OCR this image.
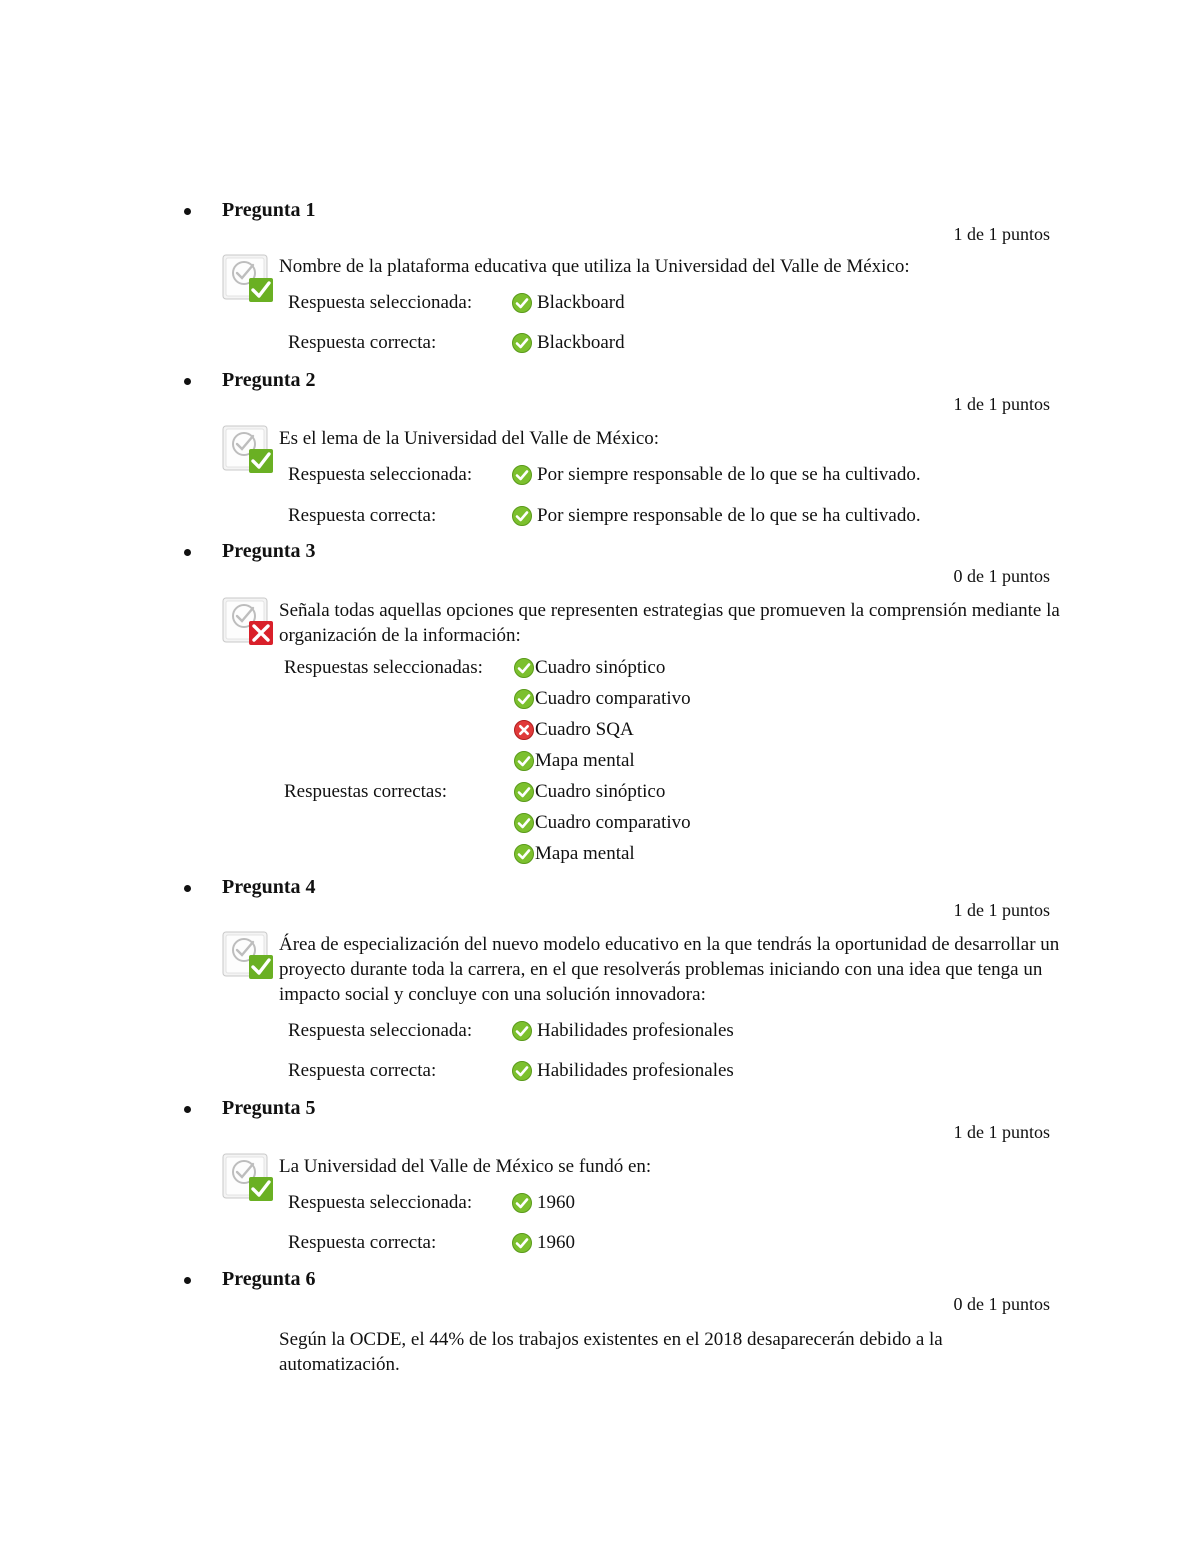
Pregunta 1
1 de 1 puntos
Nombre de la plataforma educativa que utiliza la Universidad del Valle de México:
Respuesta seleccionada:	Blackboard
Respuesta correcta:	Blackboard
Pregunta 2
1 de 1 puntos
Es el lema de la Universidad del Valle de México:
Respuesta seleccionada:	Por siempre responsable de lo que se ha cultivado.
Respuesta correcta:	Por siempre responsable de lo que se ha cultivado.
Pregunta 3
0 de 1 puntos
Señala todas aquellas opciones que representen estrategias que promueven la comprensión mediante la organización de la información:
Respuestas seleccionadas:	Cuadro sinóptico
Cuadro comparativo
Cuadro SQA
Mapa mental
Respuestas correctas:	Cuadro sinóptico
Cuadro comparativo
Mapa mental
Pregunta 4
1 de 1 puntos
Área de especialización del nuevo modelo educativo en la que tendrás la oportunidad de desarrollar un proyecto durante toda la carrera, en el que resolverás problemas iniciando con una idea que tenga un impacto social y concluye con una solución innovadora:
Respuesta seleccionada:	Habilidades profesionales
Respuesta correcta:	Habilidades profesionales
Pregunta 5
1 de 1 puntos
La Universidad del Valle de México se fundó en:
Respuesta seleccionada:	1960
Respuesta correcta:	1960
Pregunta 6
0 de 1 puntos
Según la OCDE, el 44% de los trabajos existentes en el 2018 desaparecerán debido a la automatización.
